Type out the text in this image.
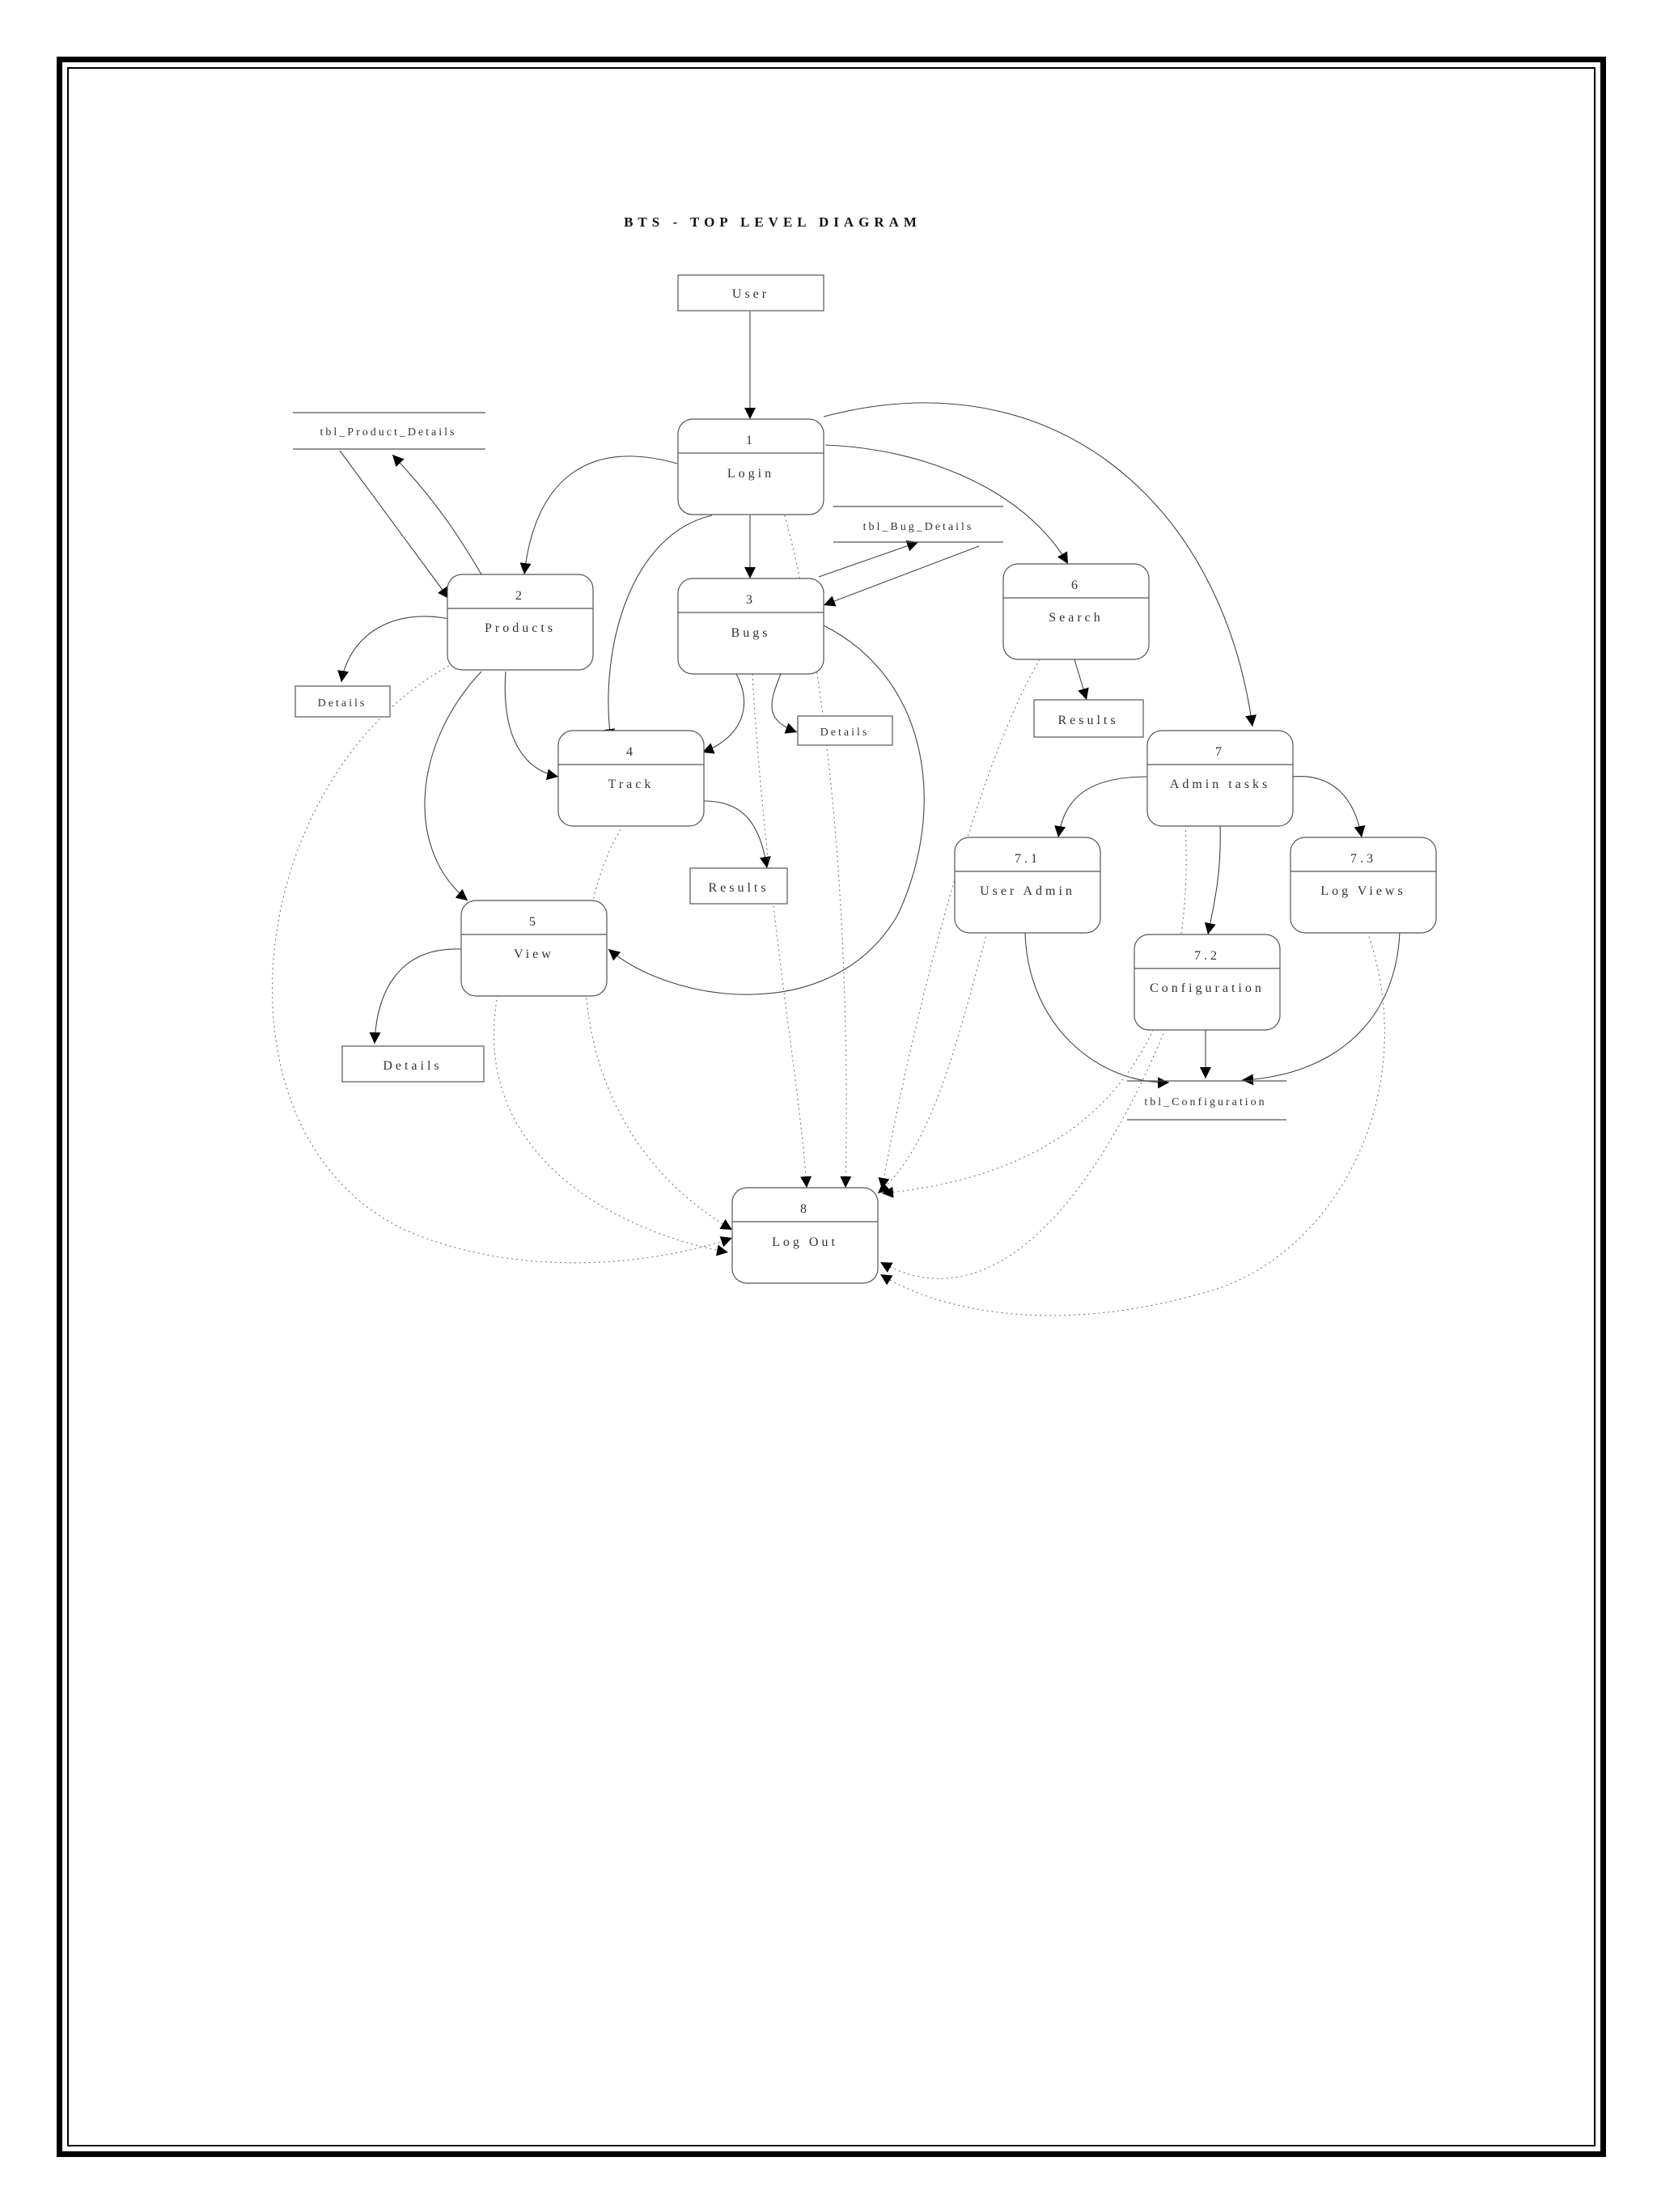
BTS - TOP LEVEL DIAGRAM
User
1
Login
2
Products
3
Bugs
4
Track
5
View
6
Search
7
Admin tasks
7.1
User Admin
7.2
Configuration
7.3
Log Views
8
Log Out
tbl_Product_Details
tbl_Bug_Details
tbl_Configuration
Details
Details
Details
Results
Results
